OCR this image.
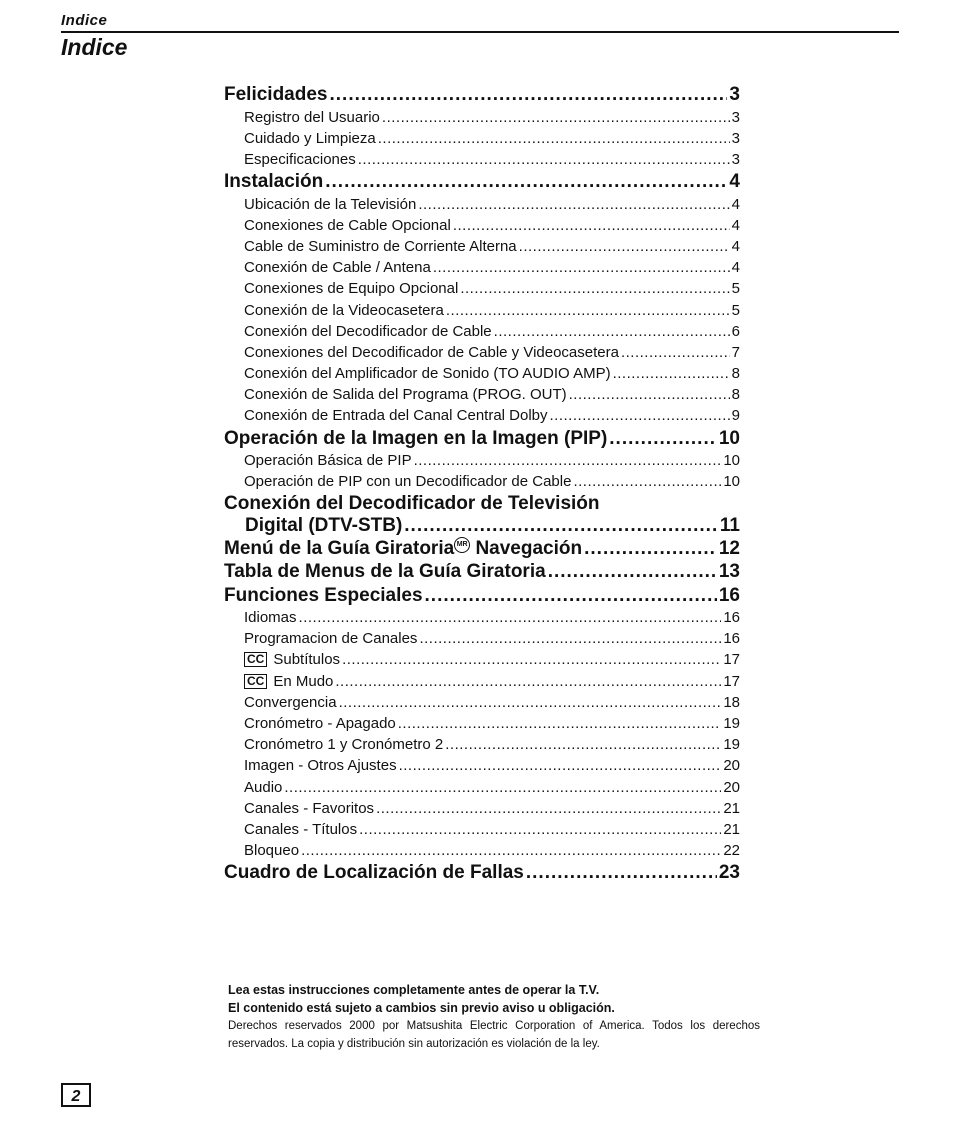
Indice
Indice
Felicidades .....	3
Registro del Usuario .....	3
Cuidado y Limpieza .....	3
Especificaciones .....	3
Instalación .....	4
Ubicación de la Televisión .....	4
Conexiones de Cable Opcional .....	4
Cable de Suministro de Corriente Alterna .....	4
Conexión de Cable / Antena .....	4
Conexiones de Equipo Opcional .....	5
Conexión de la Videocasetera .....	5
Conexión del Decodificador de Cable .....	6
Conexiones del Decodificador de Cable y Videocasetera .....	7
Conexión del Amplificador de Sonido (TO AUDIO AMP) .....	8
Conexión de Salida del Programa (PROG. OUT) .....	8
Conexión de Entrada del Canal Central Dolby .....	9
Operación de la Imagen en la Imagen (PIP) .....	10
Operación Básica de PIP .....	10
Operación de PIP con un Decodificador de Cable .....	10
Conexión del Decodificador de Televisión
Digital (DTV-STB) .....	11
Menú de la Guía Giratoria MR Navegación .....	12
Tabla de Menus de la Guía Giratoria .....	13
Funciones Especiales .....	16
Idiomas .....	16
Programacion de Canales .....	16
CC Subtítulos .....	17
CC En Mudo .....	17
Convergencia .....	18
Cronómetro - Apagado .....	19
Cronómetro 1 y Cronómetro 2 .....	19
Imagen - Otros Ajustes .....	20
Audio .....	20
Canales - Favoritos .....	21
Canales - Títulos .....	21
Bloqueo .....	22
Cuadro de Localización de Fallas .....	23
Lea estas instrucciones completamente antes de operar la T.V.
El contenido está sujeto a cambios sin previo aviso u obligación.
Derechos reservados 2000 por Matsushita Electric Corporation of America. Todos los derechos reservados. La copia y distribución sin autorización es violación de la ley.
2
